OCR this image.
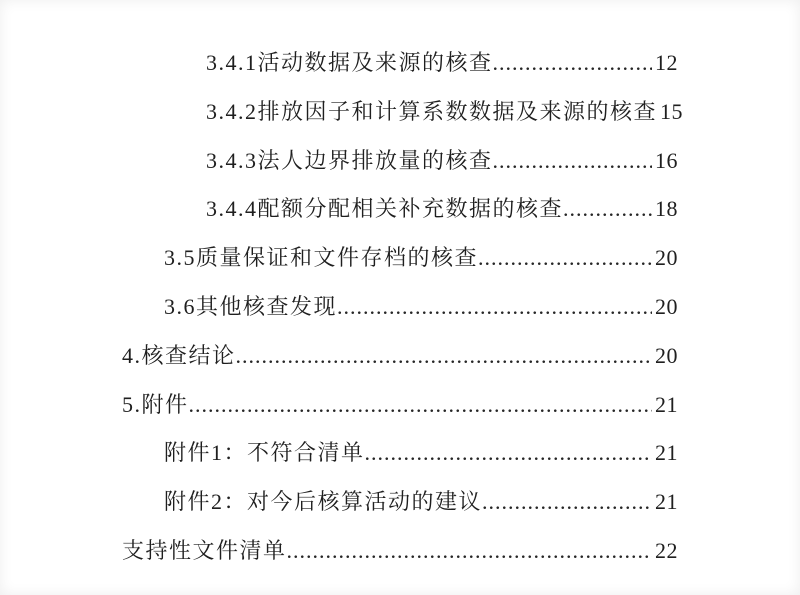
3.4.1活动数据及来源的核查 .....	12
3.4.2排放因子和计算系数数据及来源的核查 15
3.4.3法人边界排放量的核查 .....	16
3.4.4配额分配相关补充数据的核查 .....	18
3.5质量保证和文件存档的核查 .....	20
3.6其他核查发现 .....	20
4.核查结论 .....	20
5.附件 .....	21
附件1：不符合清单 .....	21
附件2：对今后核算活动的建议 .....	21
支持性文件清单 .....	22
